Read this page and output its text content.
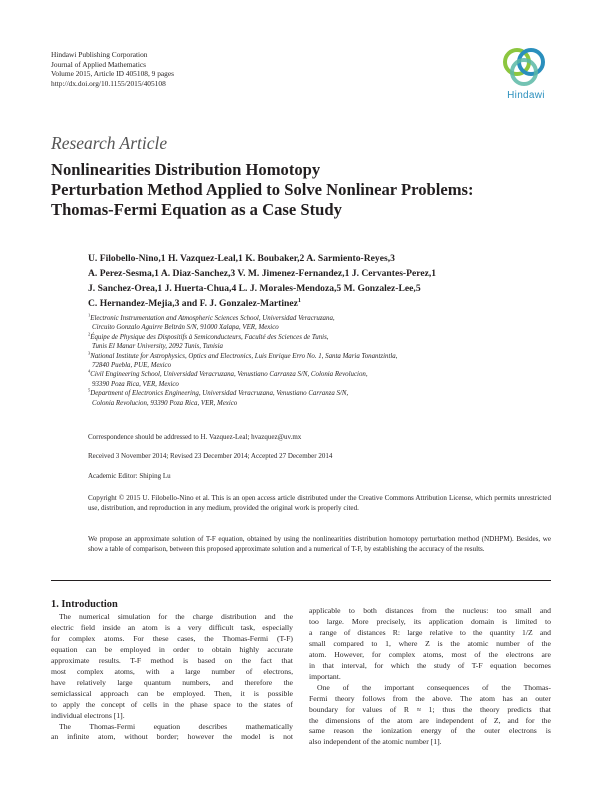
Hindawi Publishing Corporation
Journal of Applied Mathematics
Volume 2015, Article ID 405108, 9 pages
http://dx.doi.org/10.1155/2015/405108
Hindawi
Research Article
Nonlinearities Distribution Homotopy
Perturbation Method Applied to Solve Nonlinear Problems:
Thomas-Fermi Equation as a Case Study
U. Filobello-Nino,1 H. Vazquez-Leal,1 K. Boubaker,2 A. Sarmiento-Reyes,3
A. Perez-Sesma,1 A. Diaz-Sanchez,3 V. M. Jimenez-Fernandez,1 J. Cervantes-Perez,1
J. Sanchez-Orea,1 J. Huerta-Chua,4 L. J. Morales-Mendoza,5 M. Gonzalez-Lee,5
C. Hernandez-Mejia,3 and F. J. Gonzalez-Martinez$^1$
$^1$Electronic Instrumentation and Atmospheric Sciences School, Universidad Veracruzana,
Circuito Gonzalo Aguirre Beltrán S/N, 91000 Xalapa, VER, Mexico
$^2$Équipe de Physique des Dispositifs à Semiconducteurs, Faculté des Sciences de Tunis,
Tunis El Manar University, 2092 Tunis, Tunisia
$^3$National Institute for Astrophysics, Optics and Electronics, Luis Enrique Erro No. 1, Santa Maria Tonantzintla,
72840 Puebla, PUE, Mexico
$^4$Civil Engineering School, Universidad Veracruzana, Venustiano Carranza S/N, Colonia Revolucion,
93390 Poza Rica, VER, Mexico
$^5$Department of Electronics Engineering, Universidad Veracruzana, Venustiano Carranza S/N,
Colonia Revolucion, 93390 Poza Rica, VER, Mexico
Correspondence should be addressed to H. Vazquez-Leal; hvazquez@uv.mx
Received 3 November 2014; Revised 23 December 2014; Accepted 27 December 2014
Academic Editor: Shiping Lu
Copyright © 2015 U. Filobello-Nino et al. This is an open access article distributed under the Creative Commons Attribution License, which permits unrestricted use, distribution, and reproduction in any medium, provided the original work is properly cited.
We propose an approximate solution of T-F equation, obtained by using the nonlinearities distribution homotopy perturbation method (NDHPM). Besides, we show a table of comparison, between this proposed approximate solution and a numerical of T-F, by establishing the accuracy of the results.
1. Introduction
The numerical simulation for the charge distribution and the
electric field inside an atom is a very difficult task, especially
for complex atoms. For these cases, the Thomas-Fermi (T-F)
equation can be employed in order to obtain highly accurate
approximate results. T-F method is based on the fact that
most complex atoms, with a large number of electrons,
have relatively large quantum numbers, and therefore the
semiclassical approach can be employed. Then, it is possible
to apply the concept of cells in the phase space to the states of
individual electrons [1].
The Thomas-Fermi equation describes mathematically
an infinite atom, without border; however the model is not
applicable to both distances from the nucleus: too small and
too large. More precisely, its application domain is limited to
a range of distances R: large relative to the quantity 1/Z and
small compared to 1, where Z is the atomic number of the
atom. However, for complex atoms, most of the electrons are
in that interval, for which the study of T-F equation becomes
important.
One of the important consequences of the Thomas-
Fermi theory follows from the above. The atom has an outer
boundary for values of R ≈ 1; thus the theory predicts that
the dimensions of the atom are independent of Z, and for the
same reason the ionization energy of the outer electrons is
also independent of the atomic number [1].
